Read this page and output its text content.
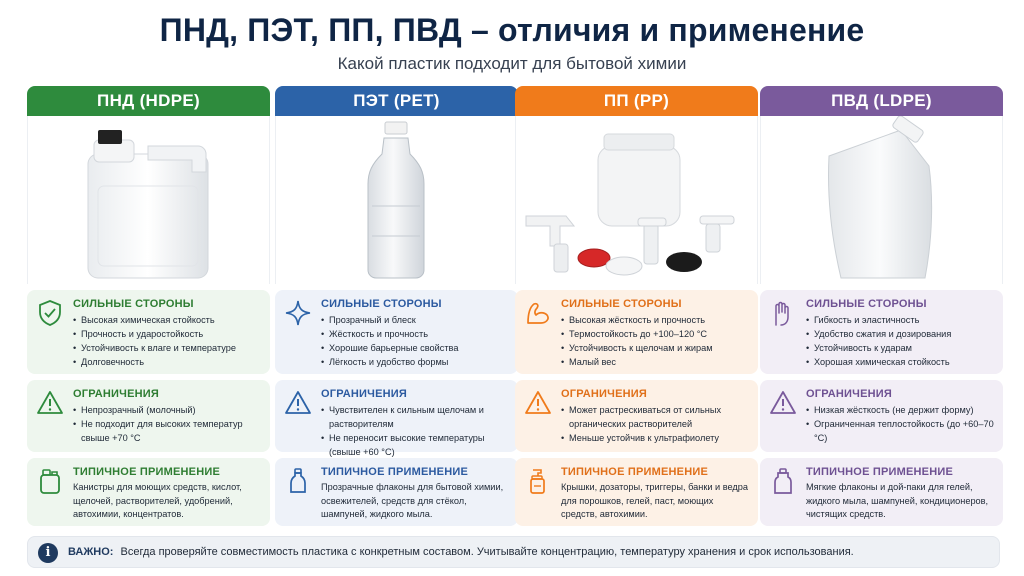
ПНД, ПЭТ, ПП, ПВД – отличия и применение
Какой пластик подходит для бытовой химии
ПНД (HDPE)
СИЛЬНЫЕ СТОРОНЫ
• Высокая химическая стойкость
• Прочность и ударостойкость
• Устойчивость к влаге и температуре
• Долговечность
ОГРАНИЧЕНИЯ
• Непрозрачный (молочный)
• Не подходит для высоких температур свыше +70 °С
ТИПИЧНОЕ ПРИМЕНЕНИЕ

Канистры для моющих средств, кислот, щелочей, растворителей, удобрений, автохимии, концентратов.

ПЭТ (PET)
СИЛЬНЫЕ СТОРОНЫ
• Прозрачный и блеск
• Жёсткость и прочность
• Хорошие барьерные свойства
• Лёгкость и удобство формы
ОГРАНИЧЕНИЯ
• Чувствителен к сильным щелочам и растворителям
• Не переносит высокие температуры (свыше +60 °С)
ТИПИЧНОЕ ПРИМЕНЕНИЕ

Прозрачные флаконы для бытовой химии, освежителей, средств для стёкол, шампуней, жидкого мыла.

ПП (PP)
СИЛЬНЫЕ СТОРОНЫ
• Высокая жёсткость и прочность
• Термостойкость до +100–120 °С
• Устойчивость к щелочам и жирам
• Малый вес
ОГРАНИЧЕНИЯ
• Может растрескиваться от сильных органических растворителей
• Меньше устойчив к ультрафиолету
ТИПИЧНОЕ ПРИМЕНЕНИЕ

Крышки, дозаторы, триггеры, банки и ведра для порошков, гелей, паст, моющих средств, автохимии.

ПВД (LDPE)
СИЛЬНЫЕ СТОРОНЫ
• Гибкость и эластичность
• Удобство сжатия и дозирования
• Устойчивость к ударам
• Хорошая химическая стойкость
ОГРАНИЧЕНИЯ
• Низкая жёсткость (не держит форму)
• Ограниченная теплостойкость (до +60–70 °С)
ТИПИЧНОЕ ПРИМЕНЕНИЕ

Мягкие флаконы и дой-паки для гелей, жидкого мыла, шампуней, кондиционеров, чистящих средств.

i	ВАЖНО: Всегда проверяйте совместимость пластика с конкретным составом. Учитывайте концентрацию, температуру хранения и срок использования.
